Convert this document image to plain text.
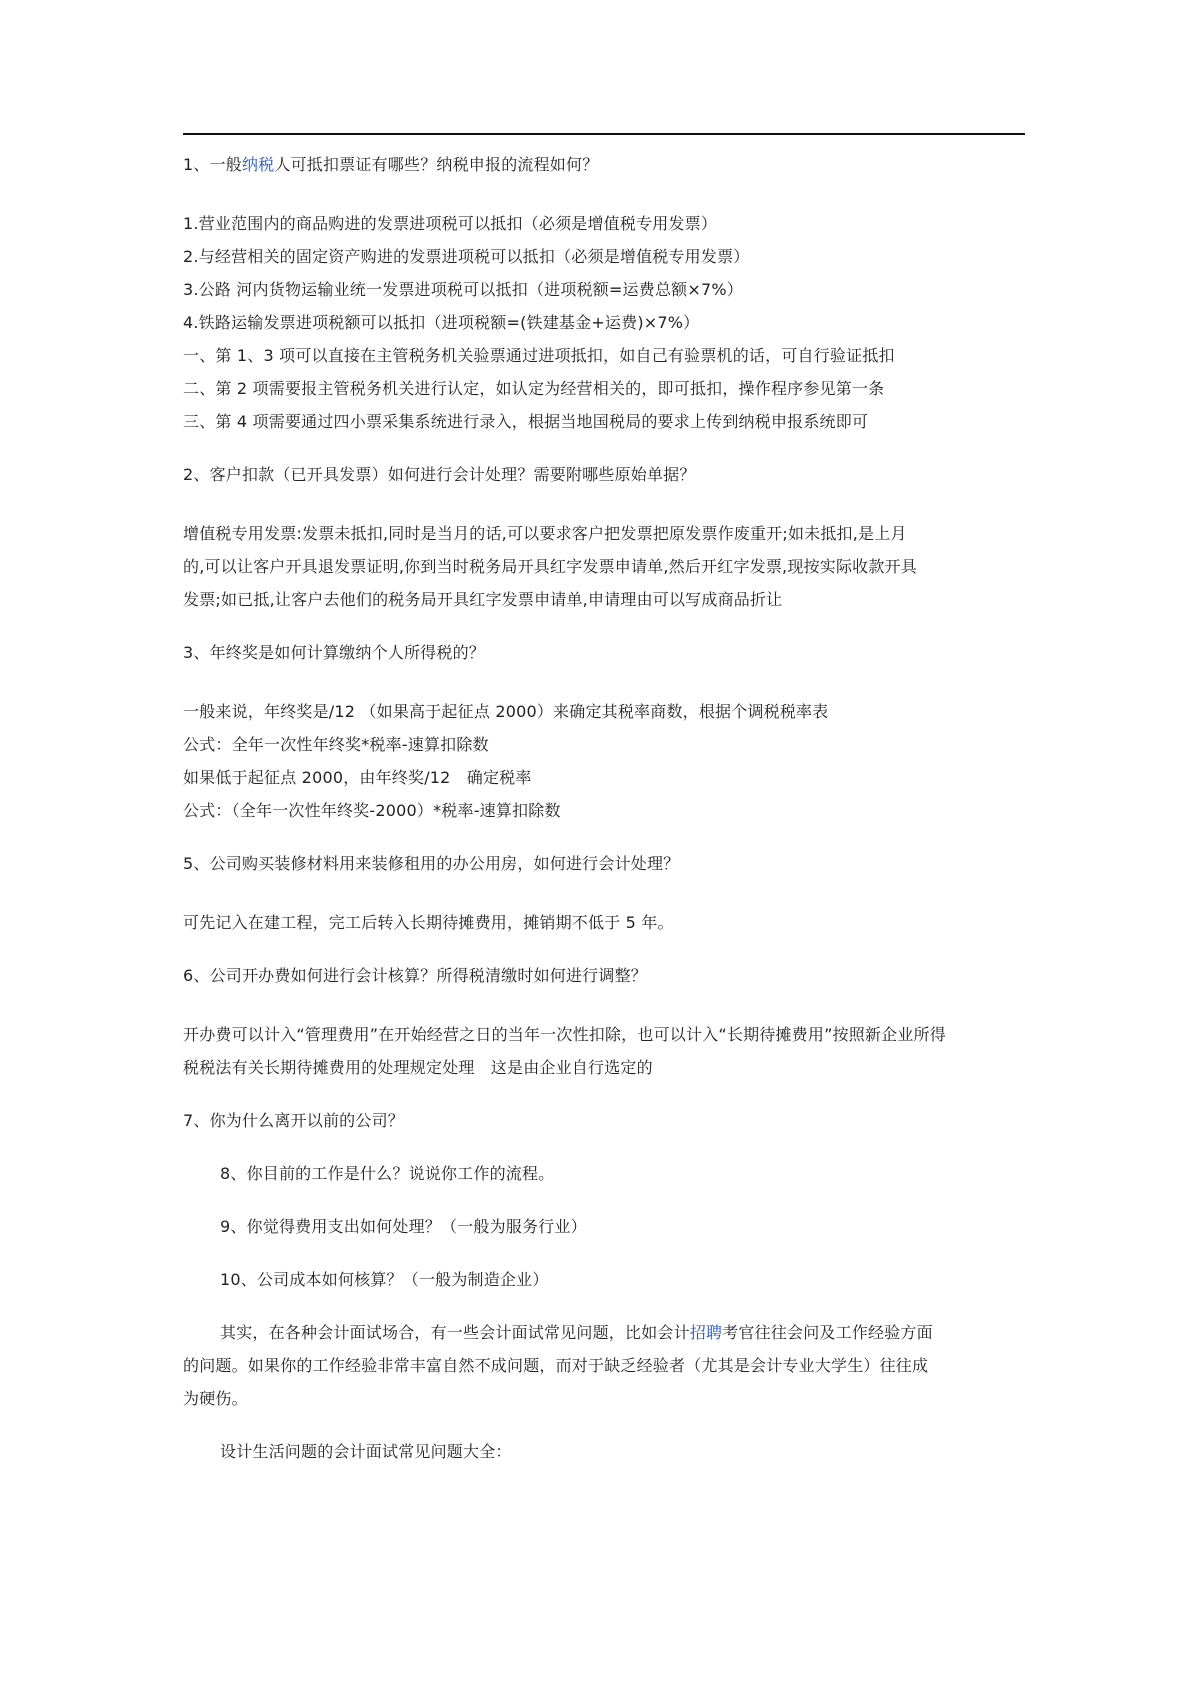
1、一般纳税人可抵扣票证有哪些？纳税申报的流程如何？
1.营业范围内的商品购进的发票进项税可以抵扣（必须是增值税专用发票）
2.与经营相关的固定资产购进的发票进项税可以抵扣（必须是增值税专用发票）
3.公路 河内货物运输业统一发票进项税可以抵扣（进项税额=运费总额×7%）
4.铁路运输发票进项税额可以抵扣（进项税额=(铁建基金+运费)×7%）
一、第 1、3 项可以直接在主管税务机关验票通过进项抵扣，如自己有验票机的话，可自行验证抵扣
二、第 2 项需要报主管税务机关进行认定，如认定为经营相关的，即可抵扣，操作程序参见第一条
三、第 4 项需要通过四小票采集系统进行录入，根据当地国税局的要求上传到纳税申报系统即可
2、客户扣款（已开具发票）如何进行会计处理？需要附哪些原始单据？
增值税专用发票:发票未抵扣,同时是当月的话,可以要求客户把发票把原发票作废重开;如未抵扣,是上月
的,可以让客户开具退发票证明,你到当时税务局开具红字发票申请单,然后开红字发票,现按实际收款开具
发票;如已抵,让客户去他们的税务局开具红字发票申请单,申请理由可以写成商品折让
3、年终奖是如何计算缴纳个人所得税的？
一般来说，年终奖是/12 （如果高于起征点 2000）来确定其税率商数，根据个调税税率表
公式：全年一次性年终奖*税率-速算扣除数
如果低于起征点 2000，由年终奖/12　确定税率
公式：（全年一次性年终奖-2000）*税率-速算扣除数
5、公司购买装修材料用来装修租用的办公用房，如何进行会计处理？
可先记入在建工程，完工后转入长期待摊费用，摊销期不低于 5 年。
6、公司开办费如何进行会计核算？所得税清缴时如何进行调整？
开办费可以计入“管理费用”在开始经营之日的当年一次性扣除，也可以计入“长期待摊费用”按照新企业所得
税税法有关长期待摊费用的处理规定处理　这是由企业自行选定的
7、你为什么离开以前的公司？
8、你目前的工作是什么？说说你工作的流程。
9、你觉得费用支出如何处理？（一般为服务行业）
10、公司成本如何核算？（一般为制造企业）
其实，在各种会计面试场合，有一些会计面试常见问题，比如会计招聘考官往往会问及工作经验方面
的问题。如果你的工作经验非常丰富自然不成问题，而对于缺乏经验者（尤其是会计专业大学生）往往成
为硬伤。
设计生活问题的会计面试常见问题大全：
